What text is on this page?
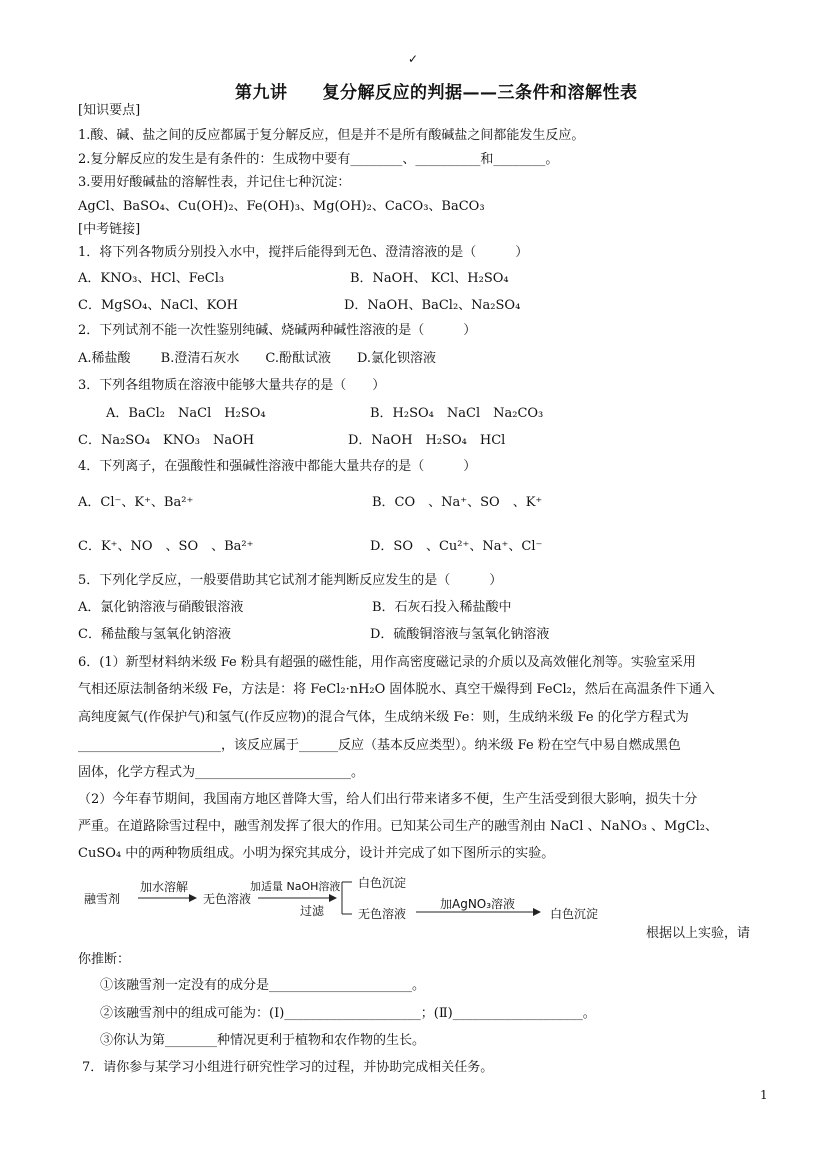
✓
第九讲　　复分解反应的判据——三条件和溶解性表
[知识要点]
1.酸、碱、盐之间的反应都属于复分解反应，但是并不是所有酸碱盐之间都能发生反应。
2.复分解反应的发生是有条件的：生成物中要有________、__________和________。
3.要用好酸碱盐的溶解性表，并记住七种沉淀：
AgCl、BaSO₄、Cu(OH)₂、Fe(OH)₃、Mg(OH)₂、CaCO₃、BaCO₃
[中考链接]
1．将下列各物质分别投入水中，搅拌后能得到无色、澄清溶液的是（　　　）
A．KNO₃、HCl、FeCl₃	B．NaOH、 KCl、H₂SO₄
C．MgSO₄、NaCl、KOH	D．NaOH、BaCl₂、Na₂SO₄
2．下列试剂不能一次性鉴别纯碱、烧碱两种碱性溶液的是（　　　）
A.稀盐酸　　 B.澄清石灰水　　C.酚酞试液　　D.氯化钡溶液
3．下列各组物质在溶液中能够大量共存的是（　　）
A．BaCl₂　NaCl　H₂SO₄	B．H₂SO₄　NaCl　Na₂CO₃
C．Na₂SO₄　KNO₃　NaOH	D．NaOH　H₂SO₄　HCl
4．下列离子，在强酸性和强碱性溶液中都能大量共存的是（　　　）
A．Cl⁻、K⁺、Ba²⁺	B．CO　、Na⁺、SO　、K⁺
C．K⁺、NO　、SO　、Ba²⁺	D．SO　、Cu²⁺、Na⁺、Cl⁻
5．下列化学反应，一般要借助其它试剂才能判断反应发生的是（　　　）
A．氯化钠溶液与硝酸银溶液	B．石灰石投入稀盐酸中
C．稀盐酸与氢氧化钠溶液	D．硫酸铜溶液与氢氧化钠溶液
6．(1）新型材料纳米级 Fe 粉具有超强的磁性能，用作高密度磁记录的介质以及高效催化剂等。实验室采用
气相还原法制备纳米级 Fe，方法是：将 FeCl₂·nH₂O 固体脱水、真空干燥得到 FeCl₂，然后在高温条件下通入
高纯度氮气(作保护气)和氢气(作反应物)的混合气体，生成纳米级 Fe：则，生成纳米级 Fe 的化学方程式为
______________________，该反应属于______反应（基本反应类型）。纳米级 Fe 粉在空气中易自燃成黑色
固体，化学方程式为________________________。
（2）今年春节期间，我国南方地区普降大雪，给人们出行带来诸多不便，生产生活受到很大影响，损失十分
严重。在道路除雪过程中，融雪剂发挥了很大的作用。已知某公司生产的融雪剂由 NaCl 、NaNO₃ 、MgCl₂、
CuSO₄ 中的两种物质组成。小明为探究其成分，设计并完成了如下图所示的实验。
融雪剂
加水溶解
无色溶液
加适量 NaOH溶液
过滤
白色沉淀
无色溶液
加AgNO₃溶液
白色沉淀
根据以上实验，请
你推断：
①该融雪剂一定没有的成分是______________________。
②该融雪剂中的组成可能为：(Ⅰ)_____________________；(Ⅱ)____________________。
③你认为第________种情况更利于植物和农作物的生长。
7．请你参与某学习小组进行研究性学习的过程，并协助完成相关任务。
1
